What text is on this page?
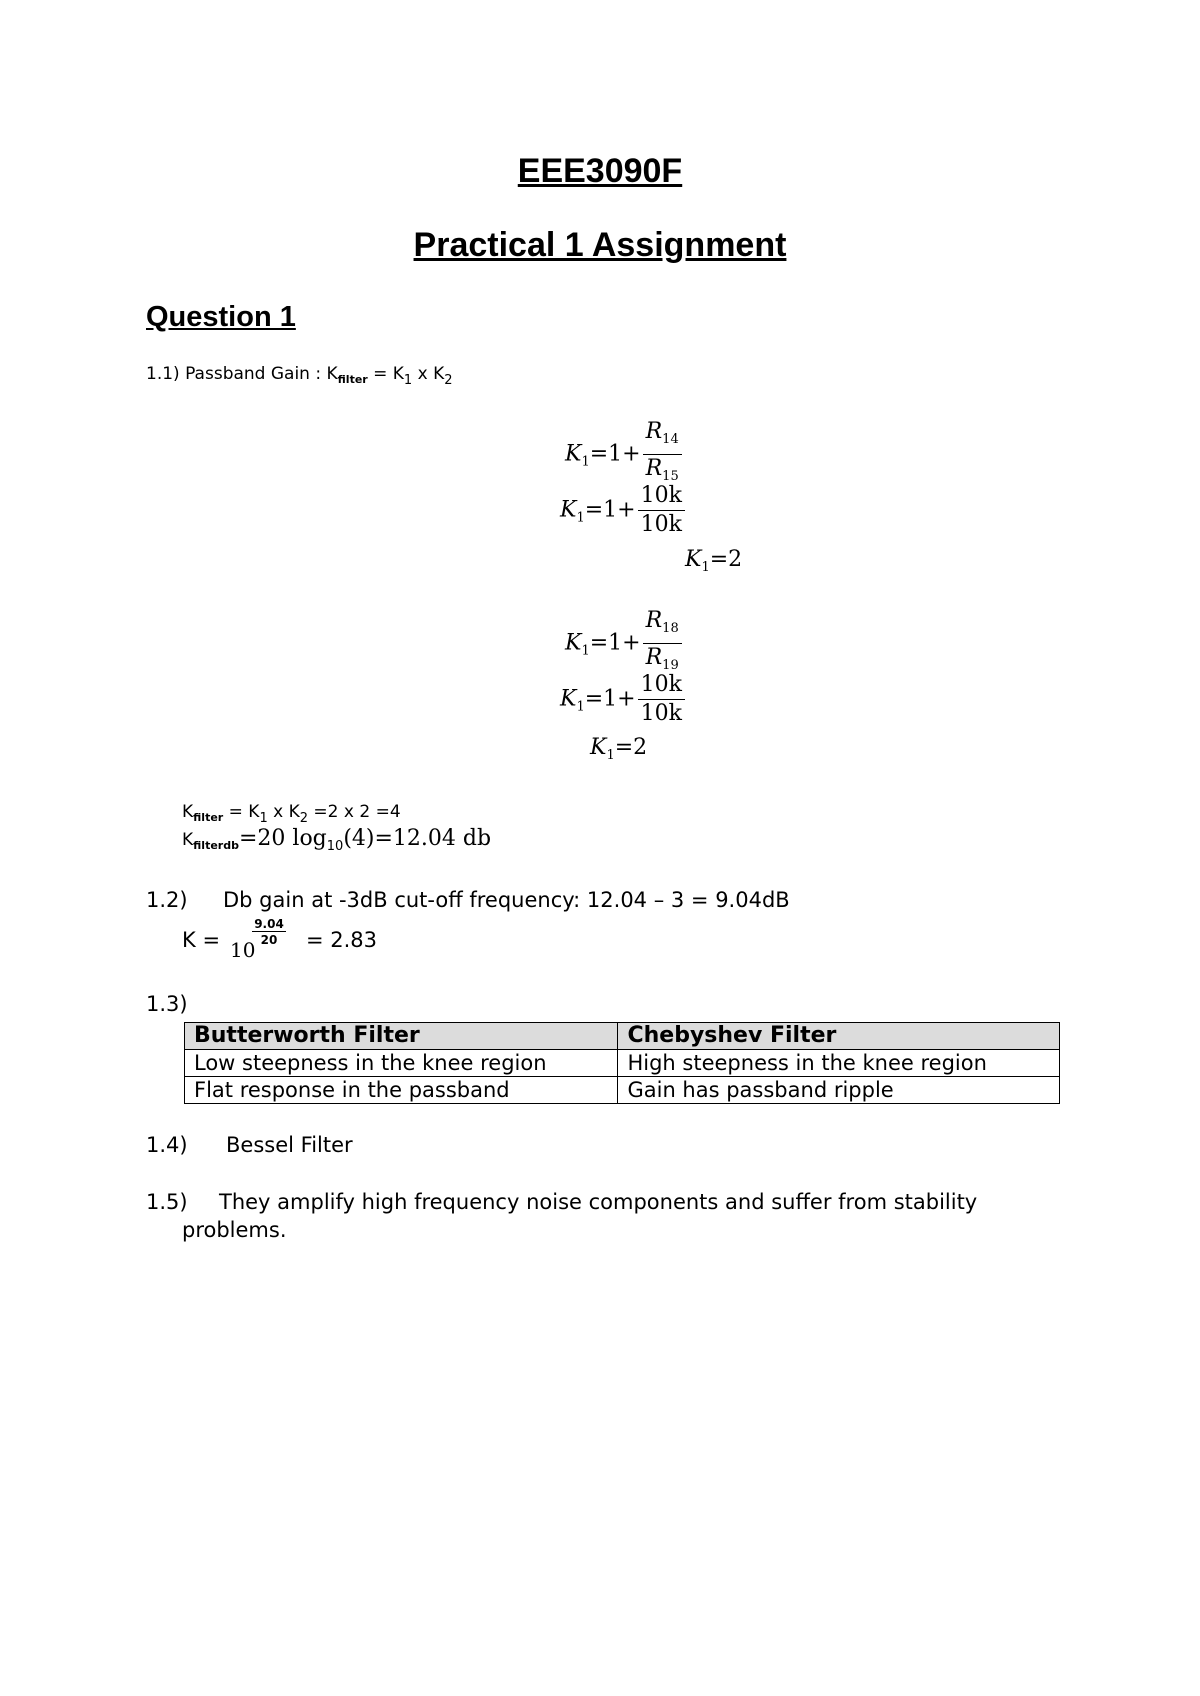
EEE3090F
Practical 1 Assignment
Question 1
1.1) Passband Gain : $K_{filter} = K_1$ x $K_2$
$K_1=1+ \frac{R_{14}}{R_{15}}$
$K_1=1+ \frac{10k}{10k}$
$K_1=2$
$K_1=1+ \frac{R_{18}}{R_{19}}$
$K_1=1+ \frac{10k}{10k}$
$K_1=2$
$K_{filter} = K_1$ x $K_2 =2$ x 2 =4
$K_{filterdb}=20$ $\log_{10}(4)=12.04$ db
1.2) Db gain at -3dB cut-off frequency: 12.04 – 3 = 9.04dB
K = 10
9.04
20	= 2.83
1.3)
Butterworth Filter	Chebyshev Filter
Low steepness in the knee region	High steepness in the knee region
Flat response in the passband	Gain has passband ripple
1.4) Bessel Filter
1.5) They amplify high frequency noise components and suffer from stability
problems.
